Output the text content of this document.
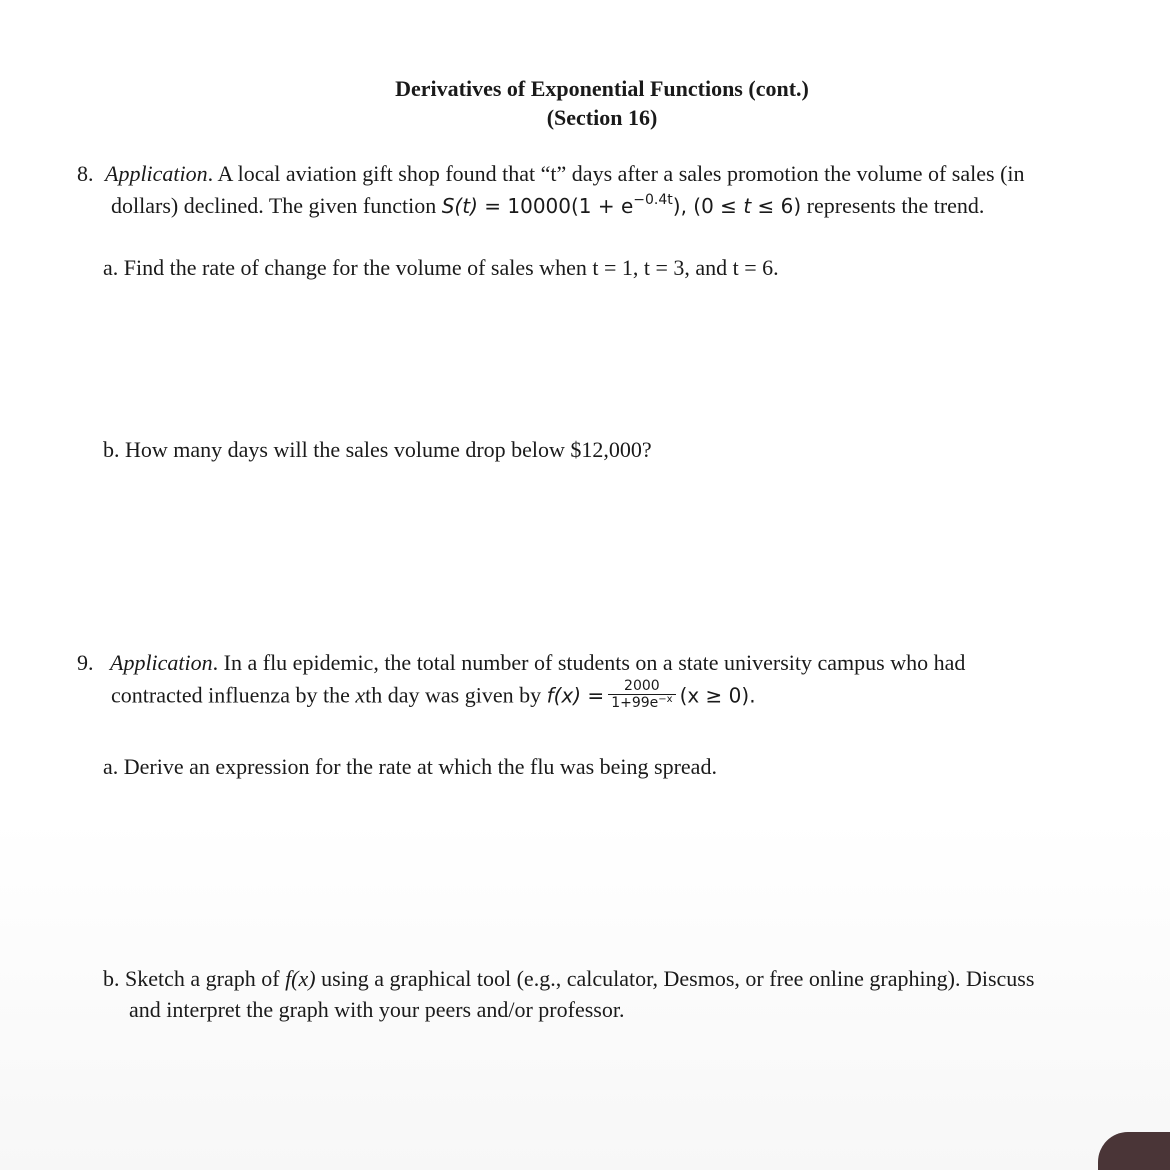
Derivatives of Exponential Functions (cont.)
(Section 16)
8. Application. A local aviation gift shop found that “t” days after a sales promotion the volume of sales (in
dollars) declined. The given function $S(t) = 10000(1 + e^{-0.4t})$, (0 ≤ t ≤ 6) represents the trend.
a. Find the rate of change for the volume of sales when t = 1, t = 3, and t = 6.
b. How many days will the sales volume drop below $12,000?
9. Application. In a flu epidemic, the total number of students on a state university campus who had
contracted influenza by the xth day was given by $f(x) = \frac{2000}{1+99e^{-x}} (x \ge 0)$.
a. Derive an expression for the rate at which the flu was being spread.
b. Sketch a graph of f(x) using a graphical tool (e.g., calculator, Desmos, or free online graphing). Discuss
and interpret the graph with your peers and/or professor.
